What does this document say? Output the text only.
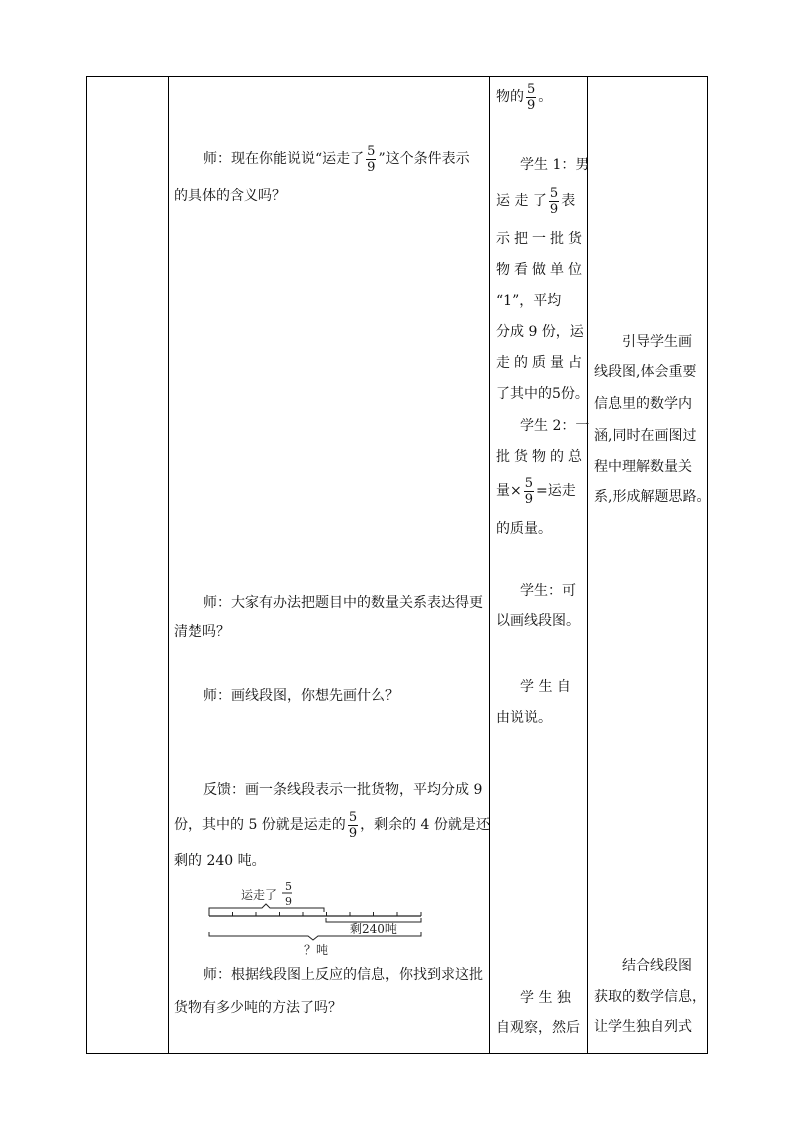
师：现在你能说说“运走了 $\frac{5}{9}$ ”这个条件表示
的具体的含义吗？
师：大家有办法把题目中的数量关系表达得更
清楚吗？
师：画线段图，你想先画什么？
反馈：画一条线段表示一批货物，平均分成 9
份，其中的 5 份就是运走的 $\frac{5}{9}$ ，剩余的 4 份就是还
剩的 240 吨。
运走了
5
9
剩240吨
？吨
师：根据线段图上反应的信息，你找到求这批
货物有多少吨的方法了吗？
物的 $\frac{5}{9}$ 。
学生 1：男
运 走 了 $\frac{5}{9}$ 表
示把一批货
物看做单位
“1”，平均
分成 9 份，运
走的质量占
了其中的5份。
学生 2：一
批货物的总
量× $\frac{5}{9}$ =运走
的质量。
学生：可
以画线段图。
学 生 自
由说说。
学 生 独
自观察，然后
引导学生画
线段图,体会重要
信息里的数学内
涵,同时在画图过
程中理解数量关
系,形成解题思路。
结合线段图
获取的数学信息，
让学生独自列式
